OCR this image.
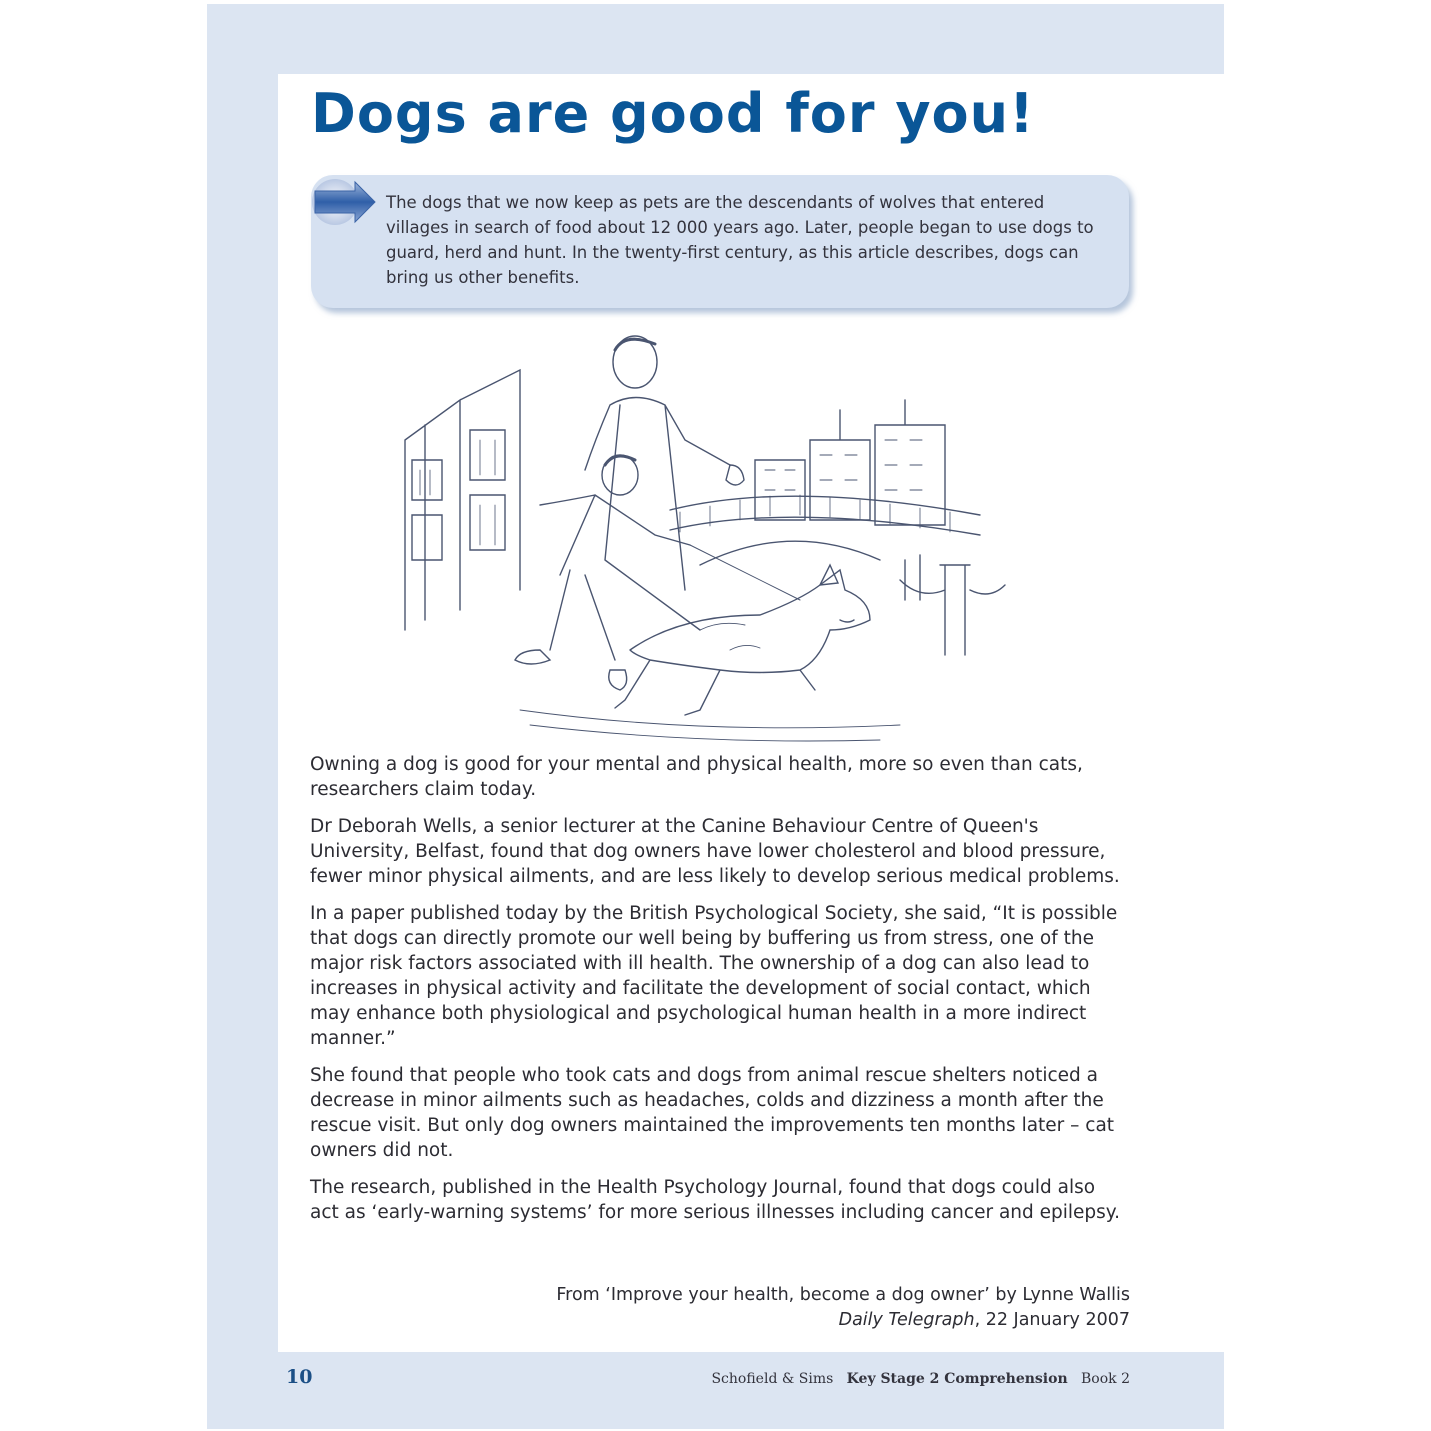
Dogs are good for you!

The dogs that we now keep as pets are the descendants of wolves that entered villages in search of food about 12 000 years ago. Later, people began to use dogs to guard, herd and hunt. In the twenty-first century, as this article describes, dogs can bring us other benefits.

Owning a dog is good for your mental and physical health, more so even than cats, researchers claim today.

Dr Deborah Wells, a senior lecturer at the Canine Behaviour Centre of Queen's University, Belfast, found that dog owners have lower cholesterol and blood pressure, fewer minor physical ailments, and are less likely to develop serious medical problems.

In a paper published today by the British Psychological Society, she said, “It is possible that dogs can directly promote our well being by buffering us from stress, one of the major risk factors associated with ill health. The ownership of a dog can also lead to increases in physical activity and facilitate the development of social contact, which may enhance both physiological and psychological human health in a more indirect manner.”

She found that people who took cats and dogs from animal rescue shelters noticed a decrease in minor ailments such as headaches, colds and dizziness a month after the rescue visit. But only dog owners maintained the improvements ten months later – cat owners did not.

The research, published in the Health Psychology Journal, found that dogs could also act as ‘early-warning systems’ for more serious illnesses including cancer and epilepsy.

From ‘Improve your health, become a dog owner’ by Lynne Wallis
Daily Telegraph, 22 January 2007
10	Schofield & Sims Key Stage 2 Comprehension Book 2
